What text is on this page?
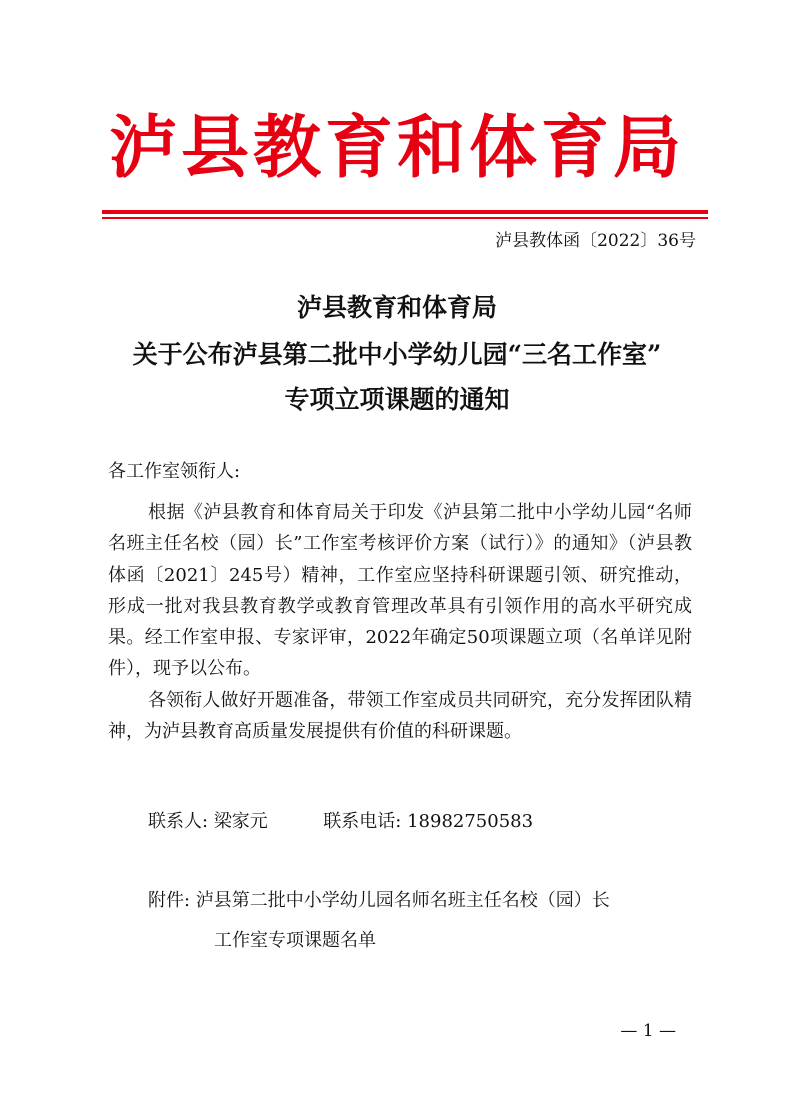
泸县教育和体育局
泸县教体函〔2022〕36号
泸县教育和体育局
关于公布泸县第二批中小学幼儿园“三名工作室”
专项立项课题的通知
各工作室领衔人:

根据《泸县教育和体育局关于印发《泸县第二批中小学幼儿园“名师名班主任名校（园）长”工作室考核评价方案（试行）》的通知》（泸县教体函〔2021〕245号）精神，工作室应坚持科研课题引领、研究推动，形成一批对我县教育教学或教育管理改革具有引领作用的高水平研究成果。经工作室申报、专家评审，2022年确定50项课题立项（名单详见附件），现予以公布。

各领衔人做好开题准备，带领工作室成员共同研究，充分发挥团队精神，为泸县教育高质量发展提供有价值的科研课题。

联系人: 梁家元	联系电话: 18982750583
附件: 泸县第二批中小学幼儿园名师名班主任名校（园）长
工作室专项课题名单
— 1 —
